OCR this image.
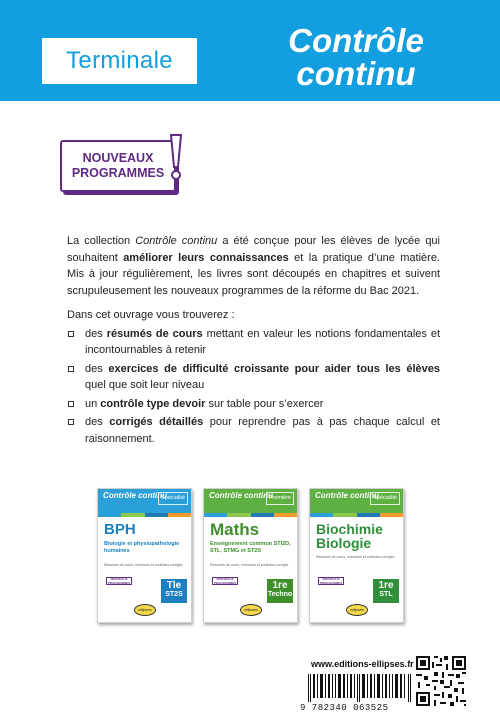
Terminale
Contrôle
continu
NOUVEAUX
PROGRAMMES

La collection Contrôle continu a été conçue pour les élèves de lycée qui souhaitent améliorer leurs connaissances et la pratique d’une matière. Mis à jour régulièrement, les livres sont découpés en chapitres et suivent scrupuleusement les nouveaux programmes de la réforme du Bac 2021.

Dans cet ouvrage vous trouverez :

des résumés de cours mettant en valeur les notions fondamentales et incontournables à retenir
des exercices de difficulté croissante pour aider tous les élèves quel que soit leur niveau
un contrôle type devoir sur table pour s’exercer
des corrigés détaillés pour reprendre pas à pas chaque calcul et raisonnement.
Contrôle continu
Spécialité
BPH
Biologie et physiopathologie humaines
Résumés de cours, exercices et contrôles corrigés
NOUVEAUX PROGRAMMES	Tle
ST2S
ellipses
Contrôle continu
Première
Maths
Enseignement commun STI2D, STL, STMG et ST2S
Résumés de cours, exercices et contrôles corrigés
NOUVEAUX PROGRAMMES	1re
Techno
ellipses
Contrôle continu
Spécialité
Biochimie Biologie
Résumés de cours, exercices et contrôles corrigés
NOUVEAUX PROGRAMMES	1re
STL
ellipses
www.editions-ellipses.fr
9 782340 063525
